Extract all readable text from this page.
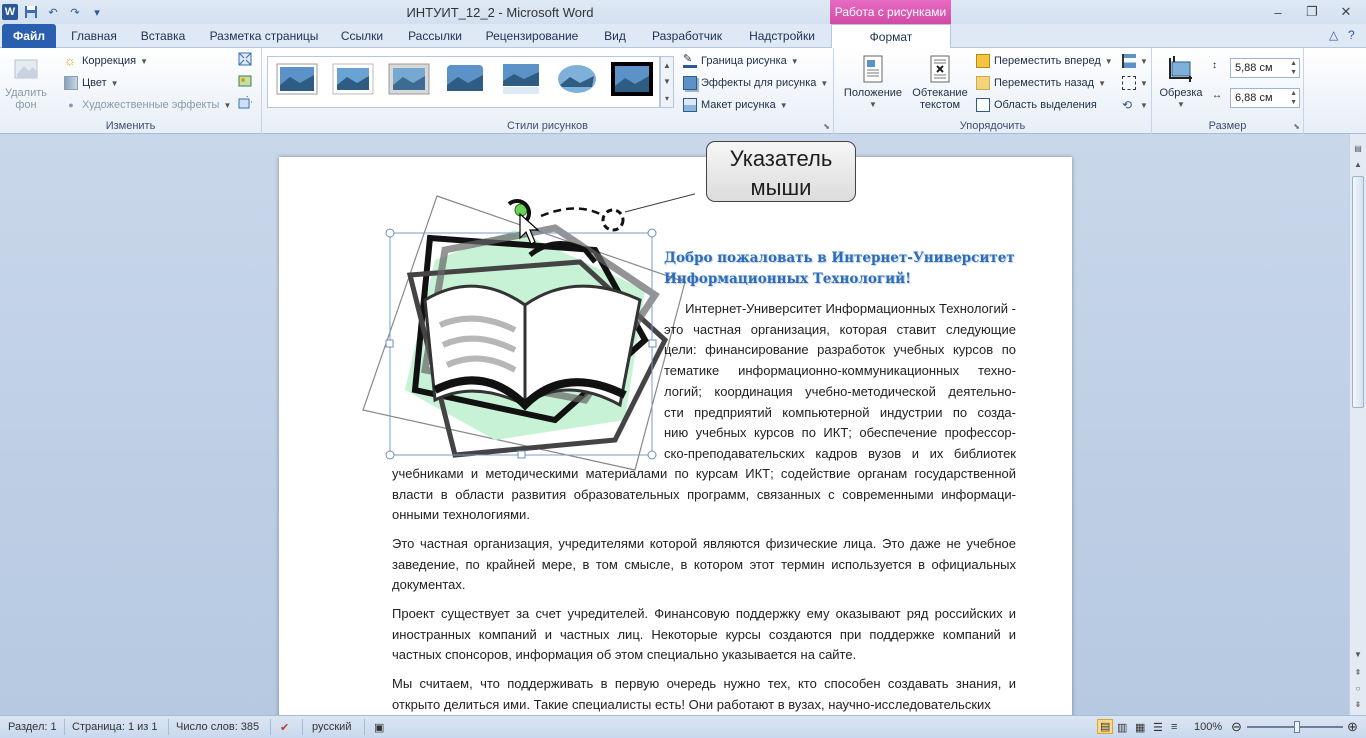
W	↶	↷	▾	ИНТУИТ_12_2 - Microsoft Word	Работа с рисунками	–	❐	✕
Файл	Главная	Вставка	Разметка страницы	Ссылки	Рассылки	Рецензирование	Вид	Разработчик	Надстройки	Формат	△ ?
Удалить
фон
☼ Коррекция ▼
Цвет ▼
● Художественные эффекты ▼
Изменить	Стили рисунков	⬊
▲
▼
▾
✎ Граница рисунка ▼
Эффекты для рисунка ▼
Макет рисунка ▼
Упорядочить
Положение
▼
Обтекание
текстом
Переместить вперед ▼
Переместить назад ▼
Область выделения
▼
▼
⟲ ▼
Размер	⬊
Обрезка
▼
↕	5,88 см	▲
▼
↔	6,88 см	▲
▼
Добро пожаловать в Интернет-Университет Информационных Технологий!
Интернет-Университет Информационных Технологий -
это частная организация, которая ставит следующие
цели: финансирование разработок учебных курсов по
тематике информационно-коммуникационных техно-
логий; координация учебно-методической деятельно-
сти предприятий компьютерной индустрии по созда-
нию учебных курсов по ИКТ; обеспечение профессор-
ско-преподавательских кадров вузов и их библиотек
учебниками и методическими материалами по курсам ИКТ; содействие органам государственной
власти в области развития образовательных программ, связанных с современными информаци-
онными технологиями.
Это частная организация, учредителями которой являются физические лица. Это даже не учебное заведение, по крайней мере, в том смысле, в котором этот термин используется в официальных документах.
Проект существует за счет учредителей. Финансовую поддержку ему оказывают ряд российских и иностранных компаний и частных лиц. Некоторые курсы создаются при поддержке компаний и частных спонсоров, информация об этом специально указывается на сайте.
Мы считаем, что поддерживать в первую очередь нужно тех, кто способен создавать знания, и открыто делиться ими. Такие специалисты есть! Они работают в вузах, научно-исследовательских
Указатель
мыши
▤
▲
▼
⇞
○
⇟
Раздел: 1 Страница: 1 из 1 Число слов: 385 ✔ русский ▣	▤ ▥ ▦ ☰ ≡ 100% ⊖	⊕
